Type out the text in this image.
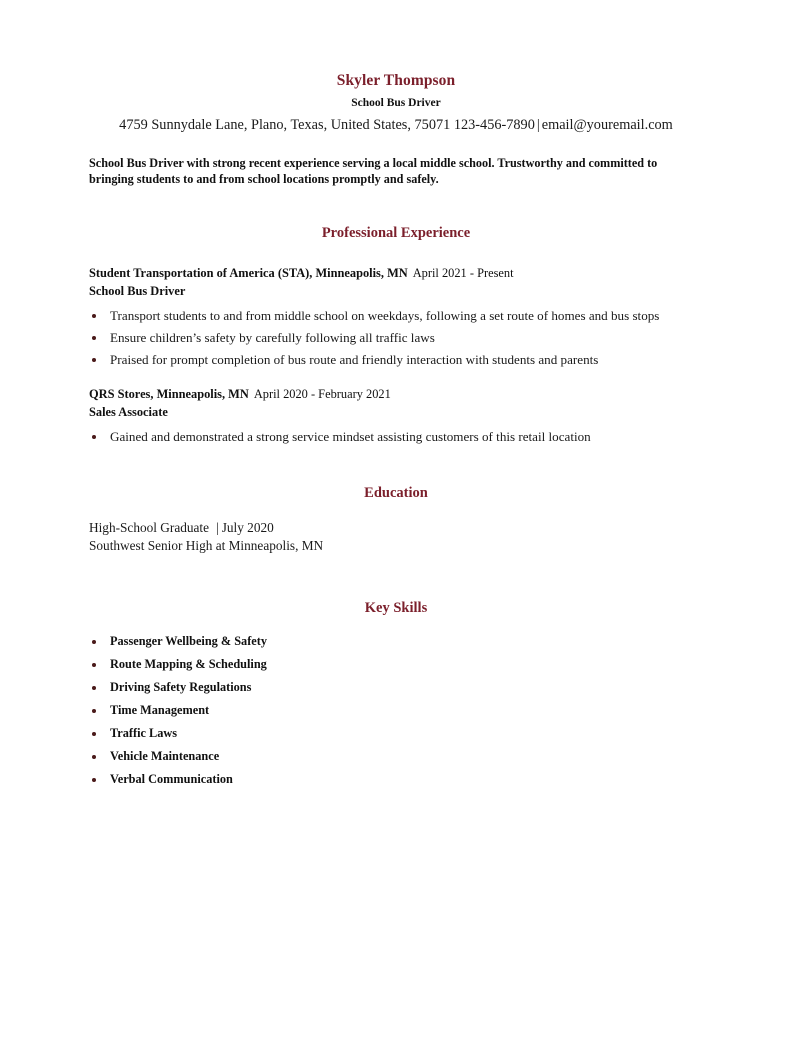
Skyler Thompson
School Bus Driver
4759 Sunnydale Lane, Plano, Texas, United States, 75071 123-456-7890 | email@youremail.com
School Bus Driver with strong recent experience serving a local middle school. Trustworthy and committed to bringing students to and from school locations promptly and safely.
Professional Experience
Student Transportation of America (STA), Minneapolis, MN April 2021 - Present
School Bus Driver
Transport students to and from middle school on weekdays, following a set route of homes and bus stops
Ensure children’s safety by carefully following all traffic laws
Praised for prompt completion of bus route and friendly interaction with students and parents
QRS Stores, Minneapolis, MN April 2020 - February 2021
Sales Associate
Gained and demonstrated a strong service mindset assisting customers of this retail location
Education
High-School Graduate | July 2020
Southwest Senior High at Minneapolis, MN
Key Skills
Passenger Wellbeing & Safety
Route Mapping & Scheduling
Driving Safety Regulations
Time Management
Traffic Laws
Vehicle Maintenance
Verbal Communication
